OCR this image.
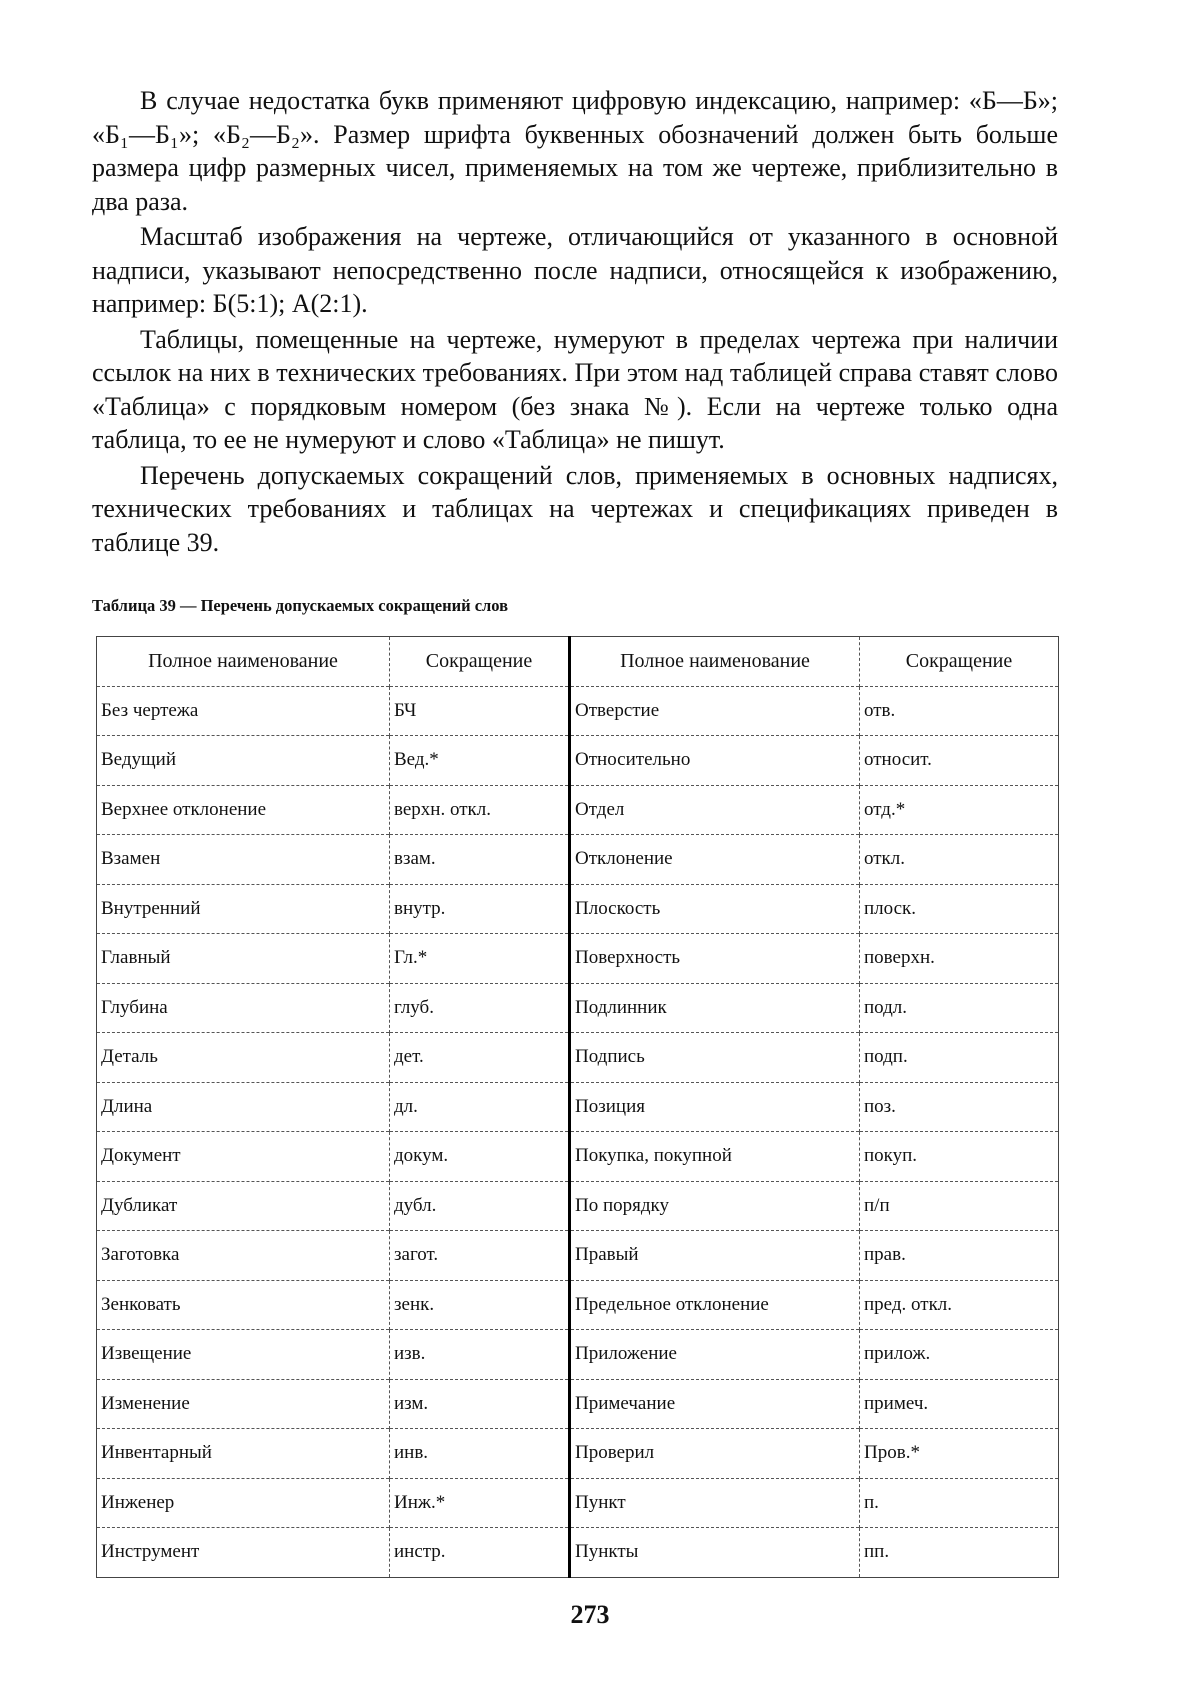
В случае недостатка букв применяют цифровую индексацию, например: «Б—Б»; «Б₁—Б₁»; «Б₂—Б₂». Размер шрифта буквенных обозначений должен быть больше размера цифр размерных чисел, применяемых на том же чертеже, приблизительно в два раза.

Масштаб изображения на чертеже, отличающийся от указанного в основной надписи, указывают непосредственно после надписи, относящейся к изображению, например: Б(5:1); А(2:1).

Таблицы, помещенные на чертеже, нумеруют в пределах чертежа при наличии ссылок на них в технических требованиях. При этом над таблицей справа ставят слово «Таблица» с порядковым номером (без знака №). Если на чертеже только одна таблица, то ее не нумеруют и слово «Таблица» не пишут.

Перечень допускаемых сокращений слов, применяемых в основных надписях, технических требованиях и таблицах на чертежах и спецификациях приведен в таблице 39.

Таблица 39 — Перечень допускаемых сокращений слов
Полное наименование	Сокращение	Полное наименование	Сокращение
Без чертежа	БЧ	Отверстие	отв.
Ведущий	Вед.*	Относительно	относит.
Верхнее отклонение	верхн. откл.	Отдел	отд.*
Взамен	взам.	Отклонение	откл.
Внутренний	внутр.	Плоскость	плоск.
Главный	Гл.*	Поверхность	поверхн.
Глубина	глуб.	Подлинник	подл.
Деталь	дет.	Подпись	подп.
Длина	дл.	Позиция	поз.
Документ	докум.	Покупка, покупной	покуп.
Дубликат	дубл.	По порядку	п/п
Заготовка	загот.	Правый	прав.
Зенковать	зенк.	Предельное отклонение	пред. откл.
Извещение	изв.	Приложение	прилож.
Изменение	изм.	Примечание	примеч.
Инвентарный	инв.	Проверил	Пров.*
Инженер	Инж.*	Пункт	п.
Инструмент	инстр.	Пункты	пп.
273
